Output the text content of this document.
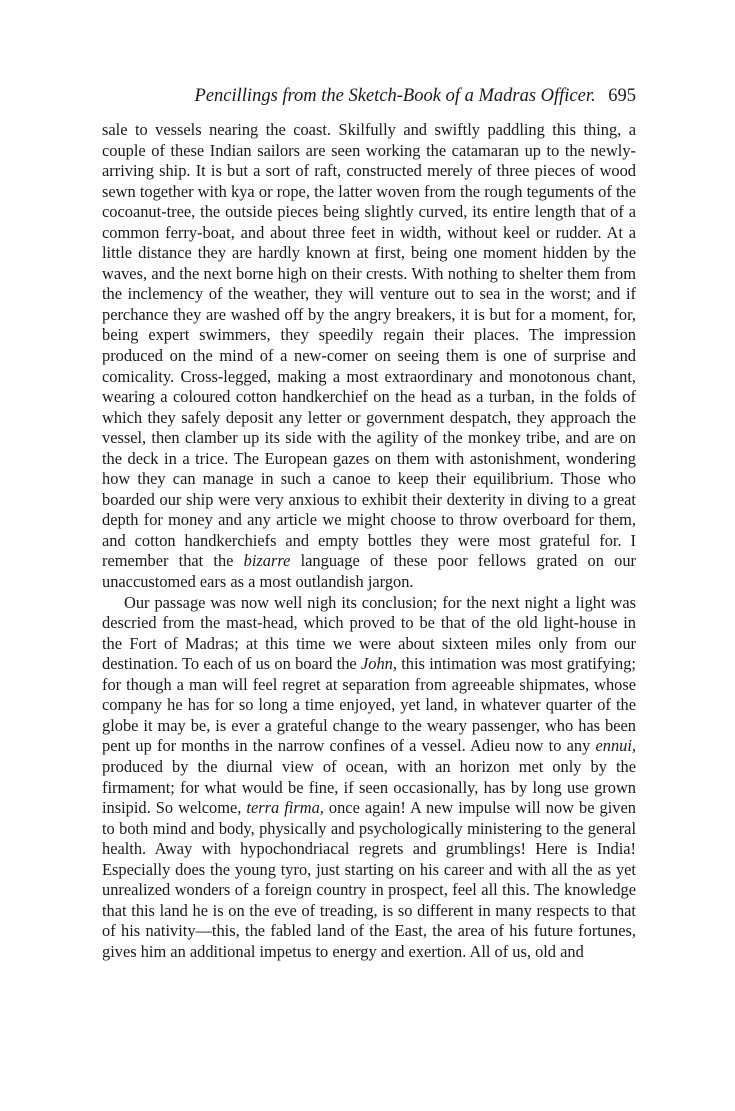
Pencillings from the Sketch-Book of a Madras Officer. 695

sale to vessels nearing the coast. Skilfully and swiftly paddling this thing, a couple of these Indian sailors are seen working the catamaran up to the newly-arriving ship. It is but a sort of raft, constructed merely of three pieces of wood sewn together with kya or rope, the latter woven from the rough teguments of the cocoanut-tree, the outside pieces being slightly curved, its entire length that of a common ferry-boat, and about three feet in width, without keel or rudder. At a little distance they are hardly known at first, being one moment hidden by the waves, and the next borne high on their crests. With nothing to shelter them from the inclemency of the weather, they will venture out to sea in the worst; and if perchance they are washed off by the angry breakers, it is but for a moment, for, being expert swimmers, they speedily regain their places. The impression produced on the mind of a new-comer on seeing them is one of surprise and comicality. Cross-legged, making a most extraordinary and monotonous chant, wearing a coloured cotton handkerchief on the head as a turban, in the folds of which they safely deposit any letter or government despatch, they approach the vessel, then clamber up its side with the agility of the monkey tribe, and are on the deck in a trice. The European gazes on them with astonishment, wondering how they can manage in such a canoe to keep their equilibrium. Those who boarded our ship were very anxious to exhibit their dexterity in diving to a great depth for money and any article we might choose to throw overboard for them, and cotton handkerchiefs and empty bottles they were most grateful for. I remember that the bizarre language of these poor fellows grated on our unaccustomed ears as a most outlandish jargon.

Our passage was now well nigh its conclusion; for the next night a light was descried from the mast-head, which proved to be that of the old light-house in the Fort of Madras; at this time we were about sixteen miles only from our destination. To each of us on board the John, this intimation was most gratifying; for though a man will feel regret at separation from agreeable shipmates, whose company he has for so long a time enjoyed, yet land, in whatever quarter of the globe it may be, is ever a grateful change to the weary passenger, who has been pent up for months in the narrow confines of a vessel. Adieu now to any ennui, produced by the diurnal view of ocean, with an horizon met only by the firmament; for what would be fine, if seen occasionally, has by long use grown insipid. So welcome, terra firma, once again! A new impulse will now be given to both mind and body, physically and psychologically ministering to the general health. Away with hypochondriacal regrets and grumblings! Here is India! Especially does the young tyro, just starting on his career and with all the as yet unrealized wonders of a foreign country in prospect, feel all this. The knowledge that this land he is on the eve of treading, is so different in many respects to that of his nativity—this, the fabled land of the East, the area of his future fortunes, gives him an additional impetus to energy and exertion. All of us, old and
